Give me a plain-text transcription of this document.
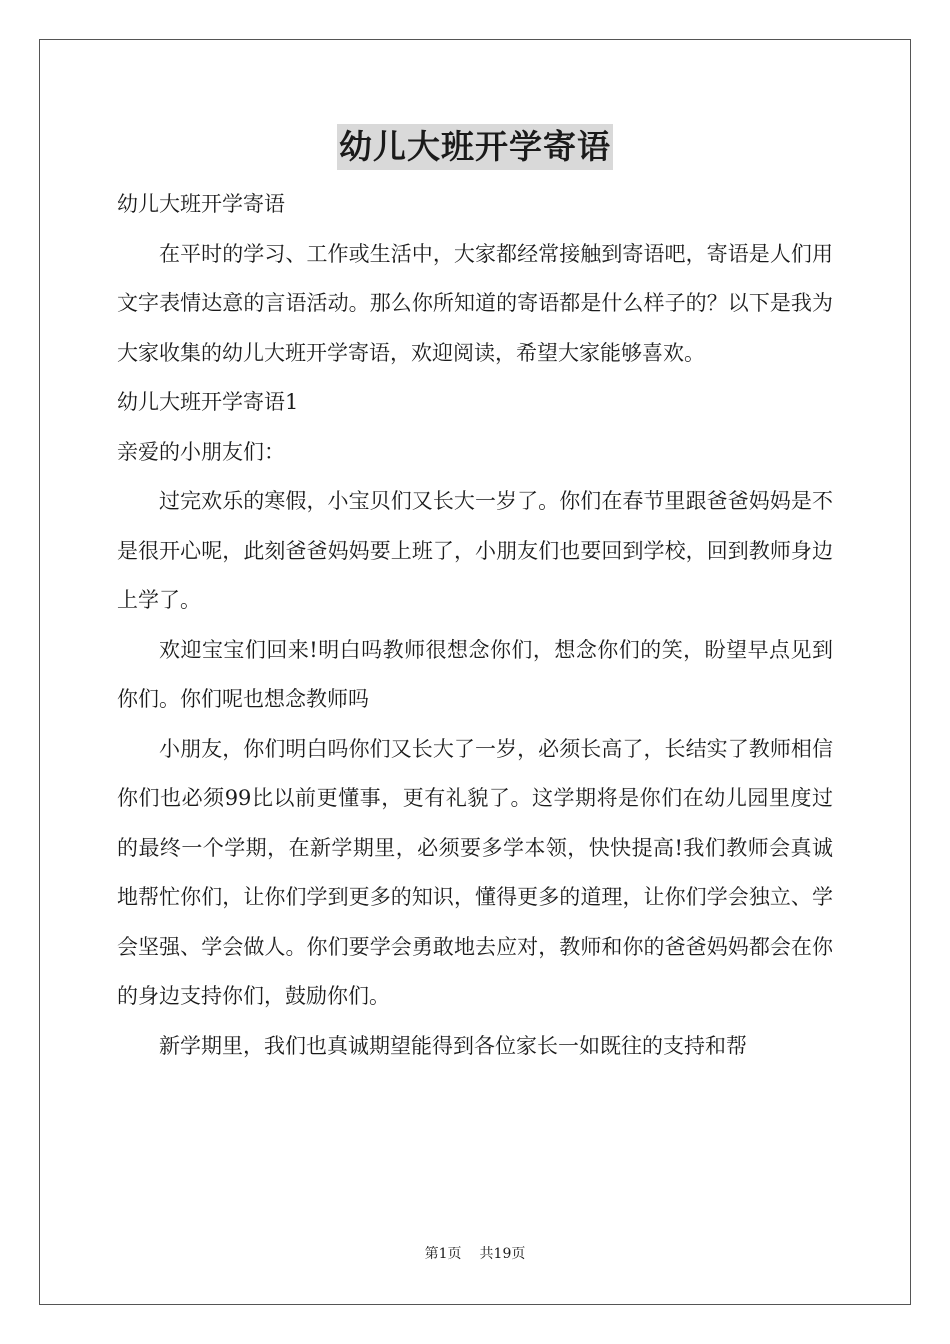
幼儿大班开学寄语

幼儿大班开学寄语

在平时的学习、工作或生活中，大家都经常接触到寄语吧，寄语是人们用文字表情达意的言语活动。那么你所知道的寄语都是什么样子的？以下是我为大家收集的幼儿大班开学寄语，欢迎阅读，希望大家能够喜欢。

幼儿大班开学寄语1

亲爱的小朋友们：

过完欢乐的寒假，小宝贝们又长大一岁了。你们在春节里跟爸爸妈妈是不是很开心呢，此刻爸爸妈妈要上班了，小朋友们也要回到学校，回到教师身边上学了。

欢迎宝宝们回来!明白吗教师很想念你们，想念你们的笑，盼望早点见到你们。你们呢也想念教师吗

小朋友，你们明白吗你们又长大了一岁，必须长高了，长结实了教师相信你们也必须99比以前更懂事，更有礼貌了。这学期将是你们在幼儿园里度过的最终一个学期，在新学期里，必须要多学本领，快快提高!我们教师会真诚地帮忙你们，让你们学到更多的知识，懂得更多的道理，让你们学会独立、学会坚强、学会做人。你们要学会勇敢地去应对，教师和你的爸爸妈妈都会在你的身边支持你们，鼓励你们。

新学期里，我们也真诚期望能得到各位家长一如既往的支持和帮

第1页 共19页
